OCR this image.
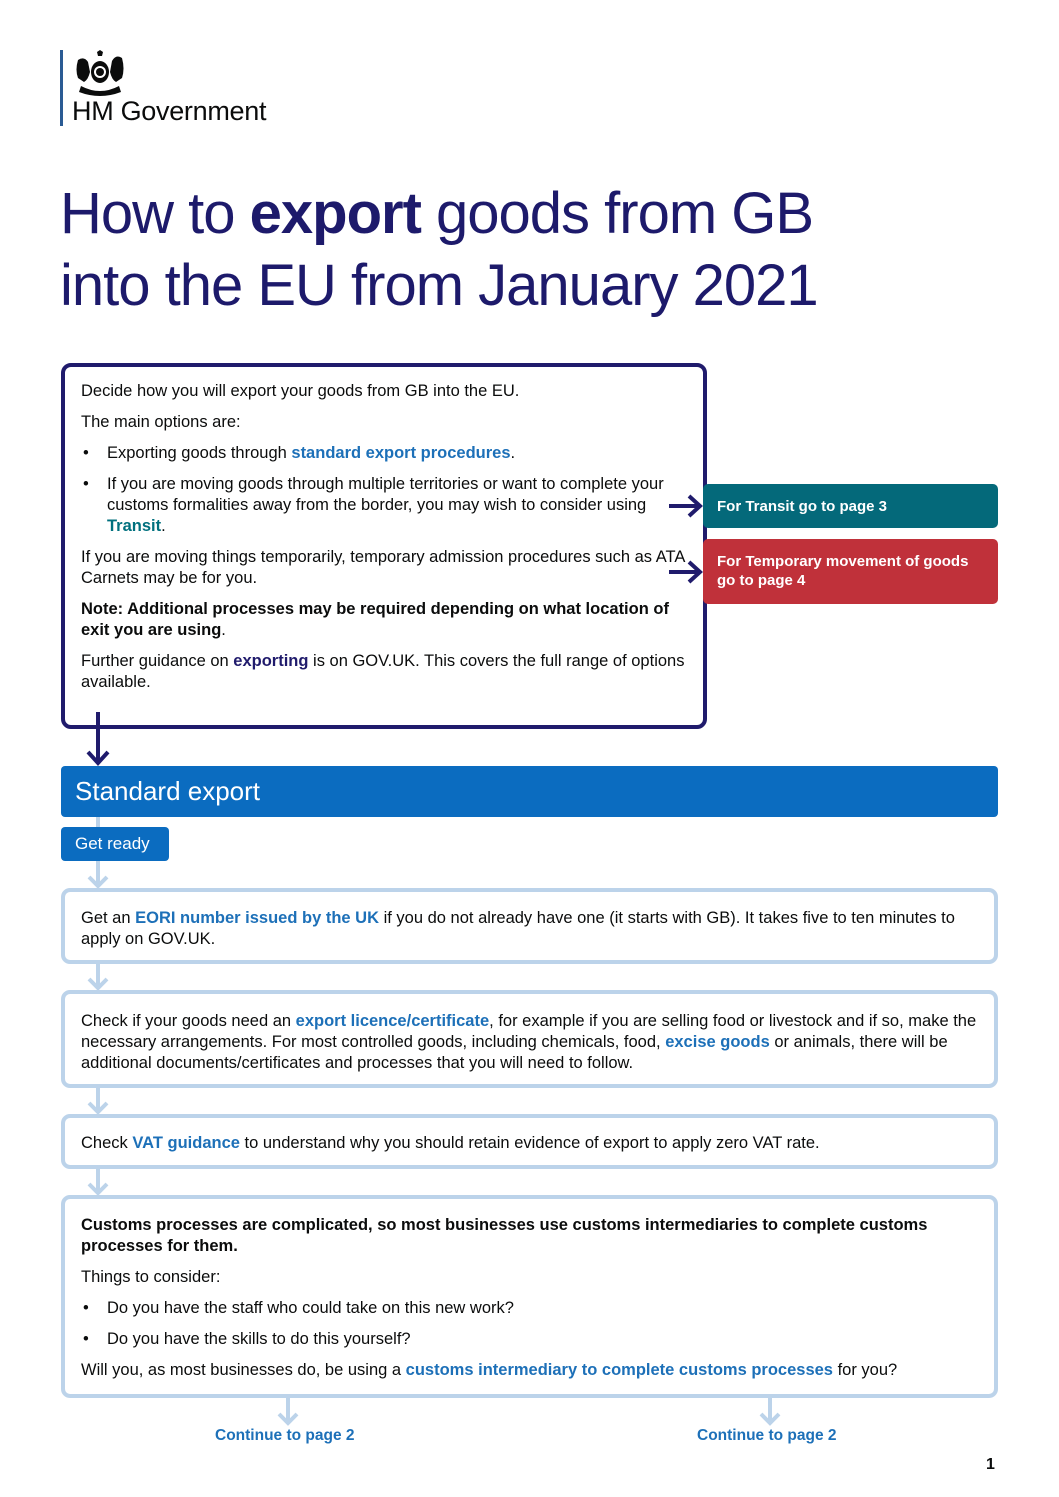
HM Government
How to export goods from GB
into the EU from January 2021

Decide how you will export your goods from GB into the EU.

The main options are:

• Exporting goods through standard export procedures.
• If you are moving goods through multiple territories or want to complete your customs formalities away from the border, you may wish to consider using Transit.

If you are moving things temporarily, temporary admission procedures such as ATA Carnets may be for you.

Note: Additional processes may be required depending on what location of exit you are using.

Further guidance on exporting is on GOV.UK. This covers the full range of options available.

For Transit go to page 3
For Temporary movement of goods go to page 4
Standard export
Get ready
Get an EORI number issued by the UK if you do not already have one (it starts with GB). It takes five to ten minutes to apply on GOV.UK.
Check if your goods need an export licence/certificate, for example if you are selling food or livestock and if so, make the necessary arrangements. For most controlled goods, including chemicals, food, excise goods or animals, there will be additional documents/certificates and processes that you will need to follow.
Check VAT guidance to understand why you should retain evidence of export to apply zero VAT rate.

Customs processes are complicated, so most businesses use customs intermediaries to complete customs processes for them.

Things to consider:

• Do you have the staff who could take on this new work?
• Do you have the skills to do this yourself?

Will you, as most businesses do, be using a customs intermediary to complete customs processes for you?

Continue to page 2	Continue to page 2
1
